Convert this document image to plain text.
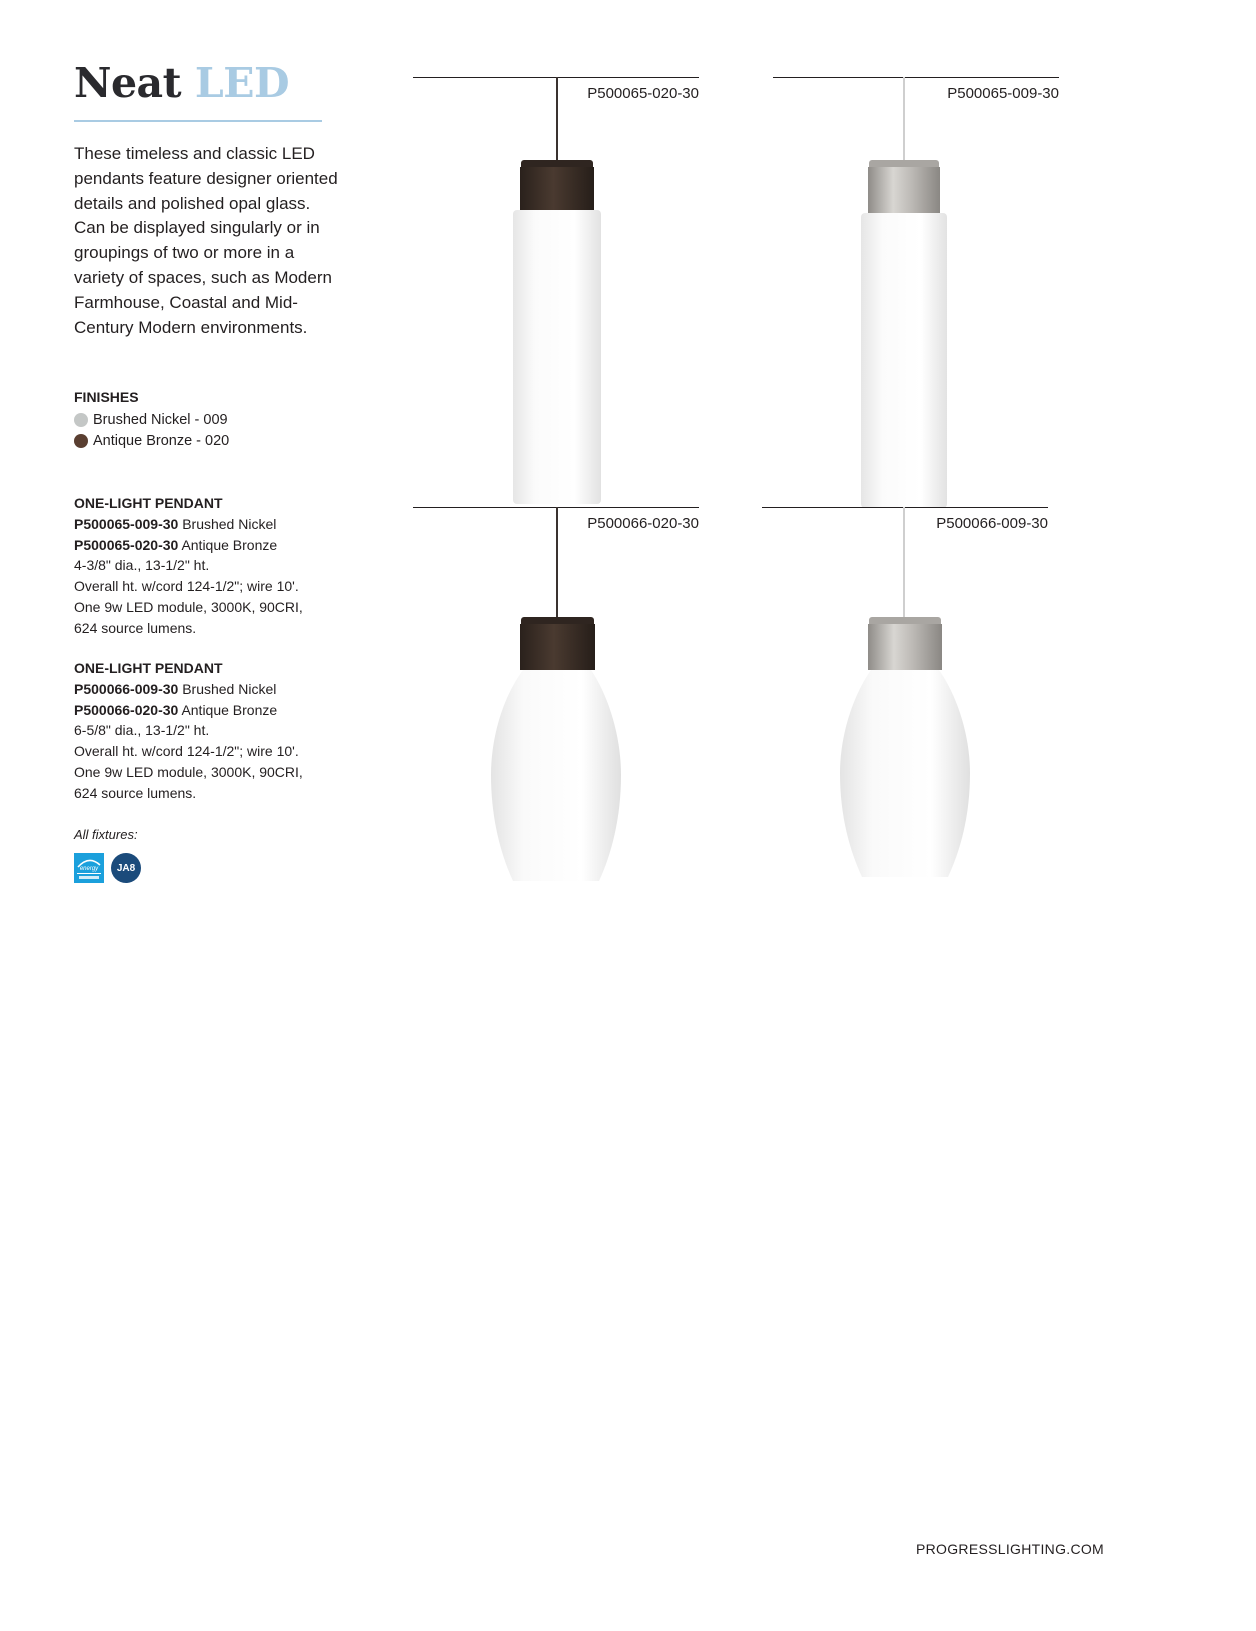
Neat LED

These timeless and classic LED pendants feature designer oriented details and polished opal glass. Can be displayed singularly or in groupings of two or more in a variety of spaces, such as Modern Farmhouse, Coastal and Mid-Century Modern environments.

FINISHES
Brushed Nickel - 009
Antique Bronze - 020
ONE-LIGHT PENDANT
P500065-009-30 Brushed Nickel
P500065-020-30 Antique Bronze
4-3/8" dia., 13-1/2" ht.
Overall ht. w/cord 124-1/2"; wire 10'.
One 9w LED module, 3000K, 90CRI,
624 source lumens.
ONE-LIGHT PENDANT
P500066-009-30 Brushed Nickel
P500066-020-30 Antique Bronze
6-5/8" dia., 13-1/2" ht.
Overall ht. w/cord 124-1/2"; wire 10'.
One 9w LED module, 3000K, 90CRI,
624 source lumens.
All fixtures:
energy	JA8
P500065-020-30	P500065-009-30
P500066-020-30	P500066-009-30
PROGRESSLIGHTING.COM
